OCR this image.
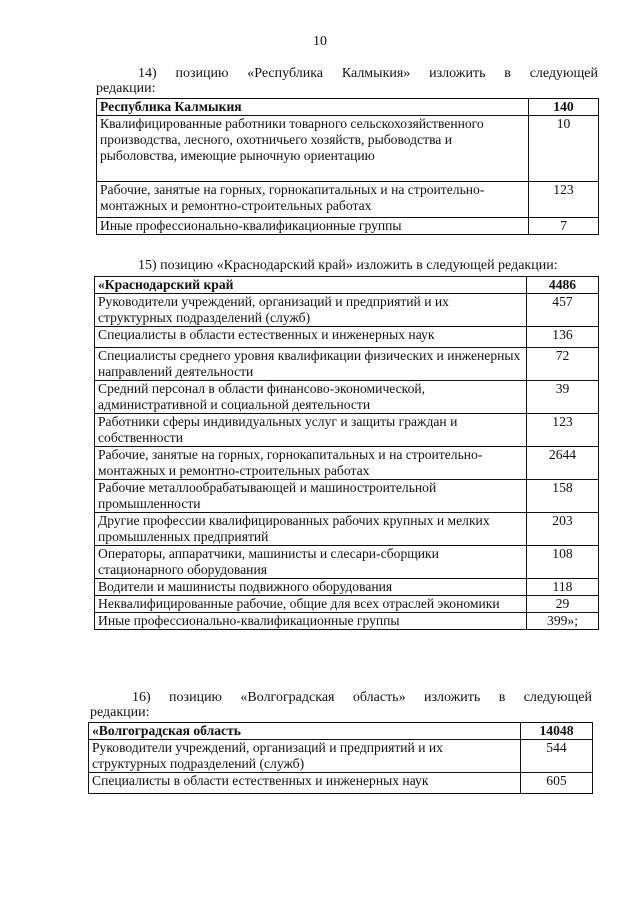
10
14) позицию «Республика Калмыкия» изложить в следующей
редакции:
Республика Калмыкия	140
Квалифицированные работники товарного сельскохозяйственного производства, лесного, охотничьего хозяйств, рыбоводства и рыболовства, имеющие рыночную ориентацию	10
Рабочие, занятые на горных, горнокапитальных и на строительно-монтажных и ремонтно-строительных работах	123
Иные профессионально-квалификационные группы	7
15) позицию «Краснодарский край» изложить в следующей редакции:
«Краснодарский край	4486
Руководители учреждений, организаций и предприятий и их структурных подразделений (служб)	457
Специалисты в области естественных и инженерных наук	136
Специалисты среднего уровня квалификации физических и инженерных направлений деятельности	72
Средний персонал в области финансово-экономической, административной и социальной деятельности	39
Работники сферы индивидуальных услуг и защиты граждан и собственности	123
Рабочие, занятые на горных, горнокапитальных и на строительно-монтажных и ремонтно-строительных работах	2644
Рабочие металлообрабатывающей и машиностроительной промышленности	158
Другие профессии квалифицированных рабочих крупных и мелких промышленных предприятий	203
Операторы, аппаратчики, машинисты и слесари-сборщики стационарного оборудования	108
Водители и машинисты подвижного оборудования	118
Неквалифицированные рабочие, общие для всех отраслей экономики	29
Иные профессионально-квалификационные группы	399»;
16) позицию «Волгоградская область» изложить в следующей
редакции:
«Волгоградская область	14048
Руководители учреждений, организаций и предприятий и их структурных подразделений (служб)	544
Специалисты в области естественных и инженерных наук	605
